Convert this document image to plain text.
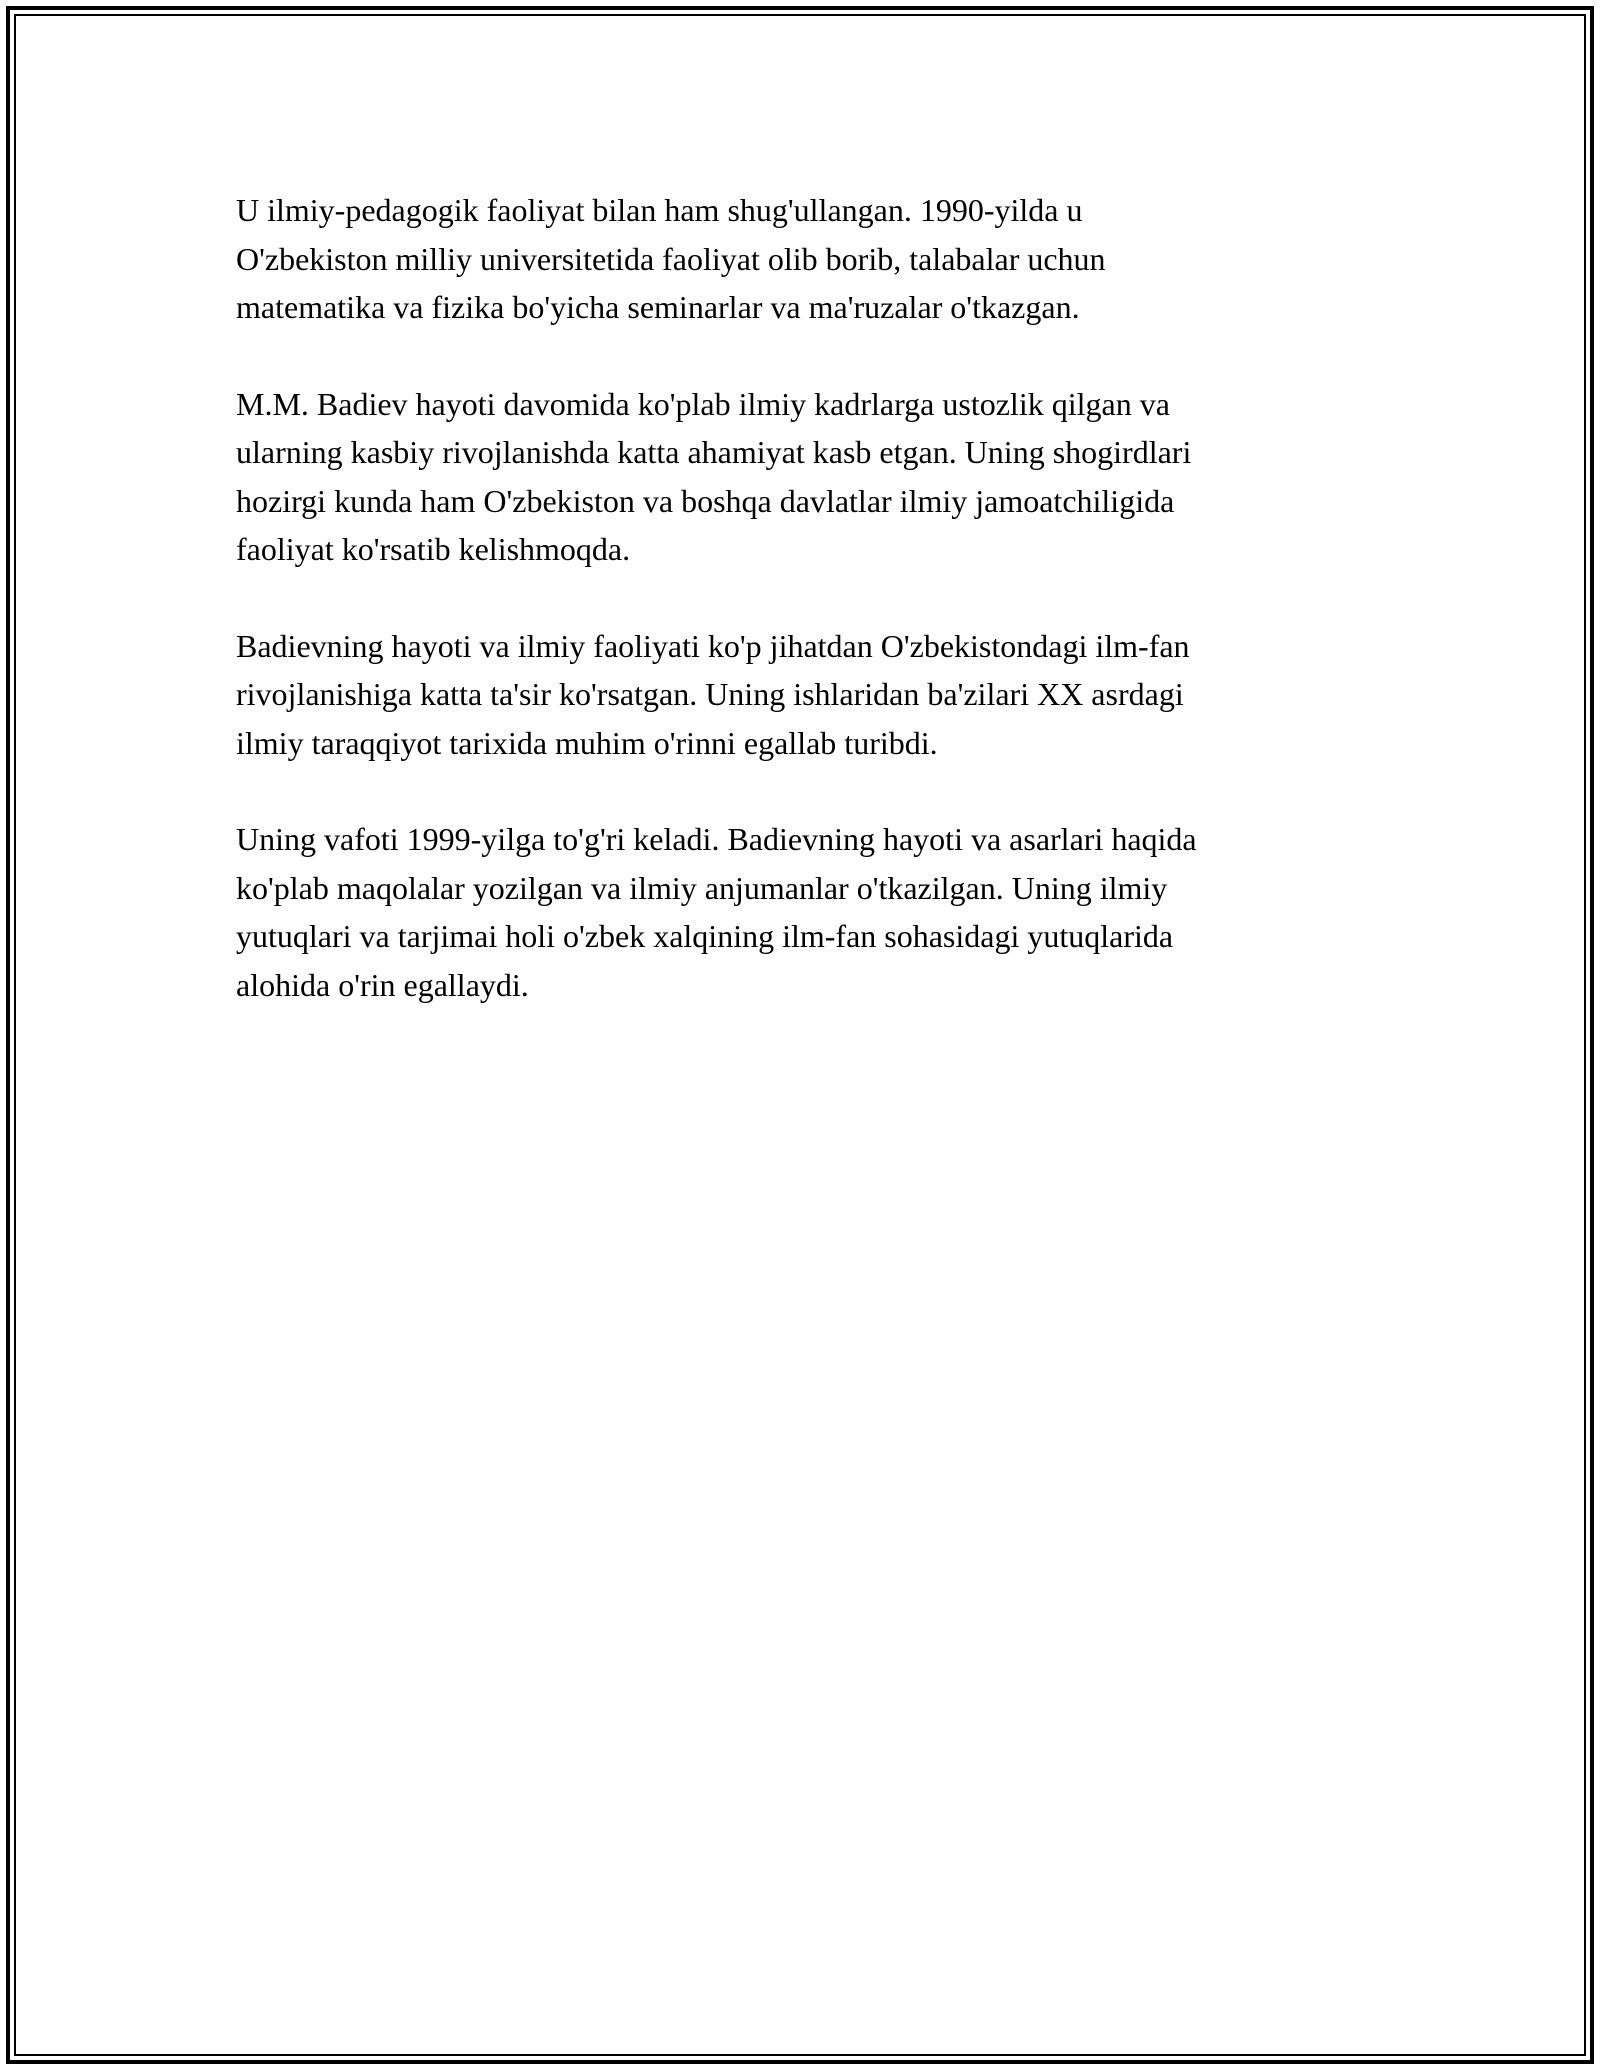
U ilmiy-pedagogik faoliyat bilan ham shug'ullangan. 1990-yilda u
O'zbekiston milliy universitetida faoliyat olib borib, talabalar uchun
matematika va fizika bo'yicha seminarlar va ma'ruzalar o'tkazgan.

M.M. Badiev hayoti davomida ko'plab ilmiy kadrlarga ustozlik qilgan va
ularning kasbiy rivojlanishda katta ahamiyat kasb etgan. Uning shogirdlari
hozirgi kunda ham O'zbekiston va boshqa davlatlar ilmiy jamoatchiligida
faoliyat ko'rsatib kelishmoqda.

Badievning hayoti va ilmiy faoliyati ko'p jihatdan O'zbekistondagi ilm-fan
rivojlanishiga katta ta'sir ko'rsatgan. Uning ishlaridan ba'zilari XX asrdagi
ilmiy taraqqiyot tarixida muhim o'rinni egallab turibdi.

Uning vafoti 1999-yilga to'g'ri keladi. Badievning hayoti va asarlari haqida
ko'plab maqolalar yozilgan va ilmiy anjumanlar o'tkazilgan. Uning ilmiy
yutuqlari va tarjimai holi o'zbek xalqining ilm-fan sohasidagi yutuqlarida
alohida o'rin egallaydi.
